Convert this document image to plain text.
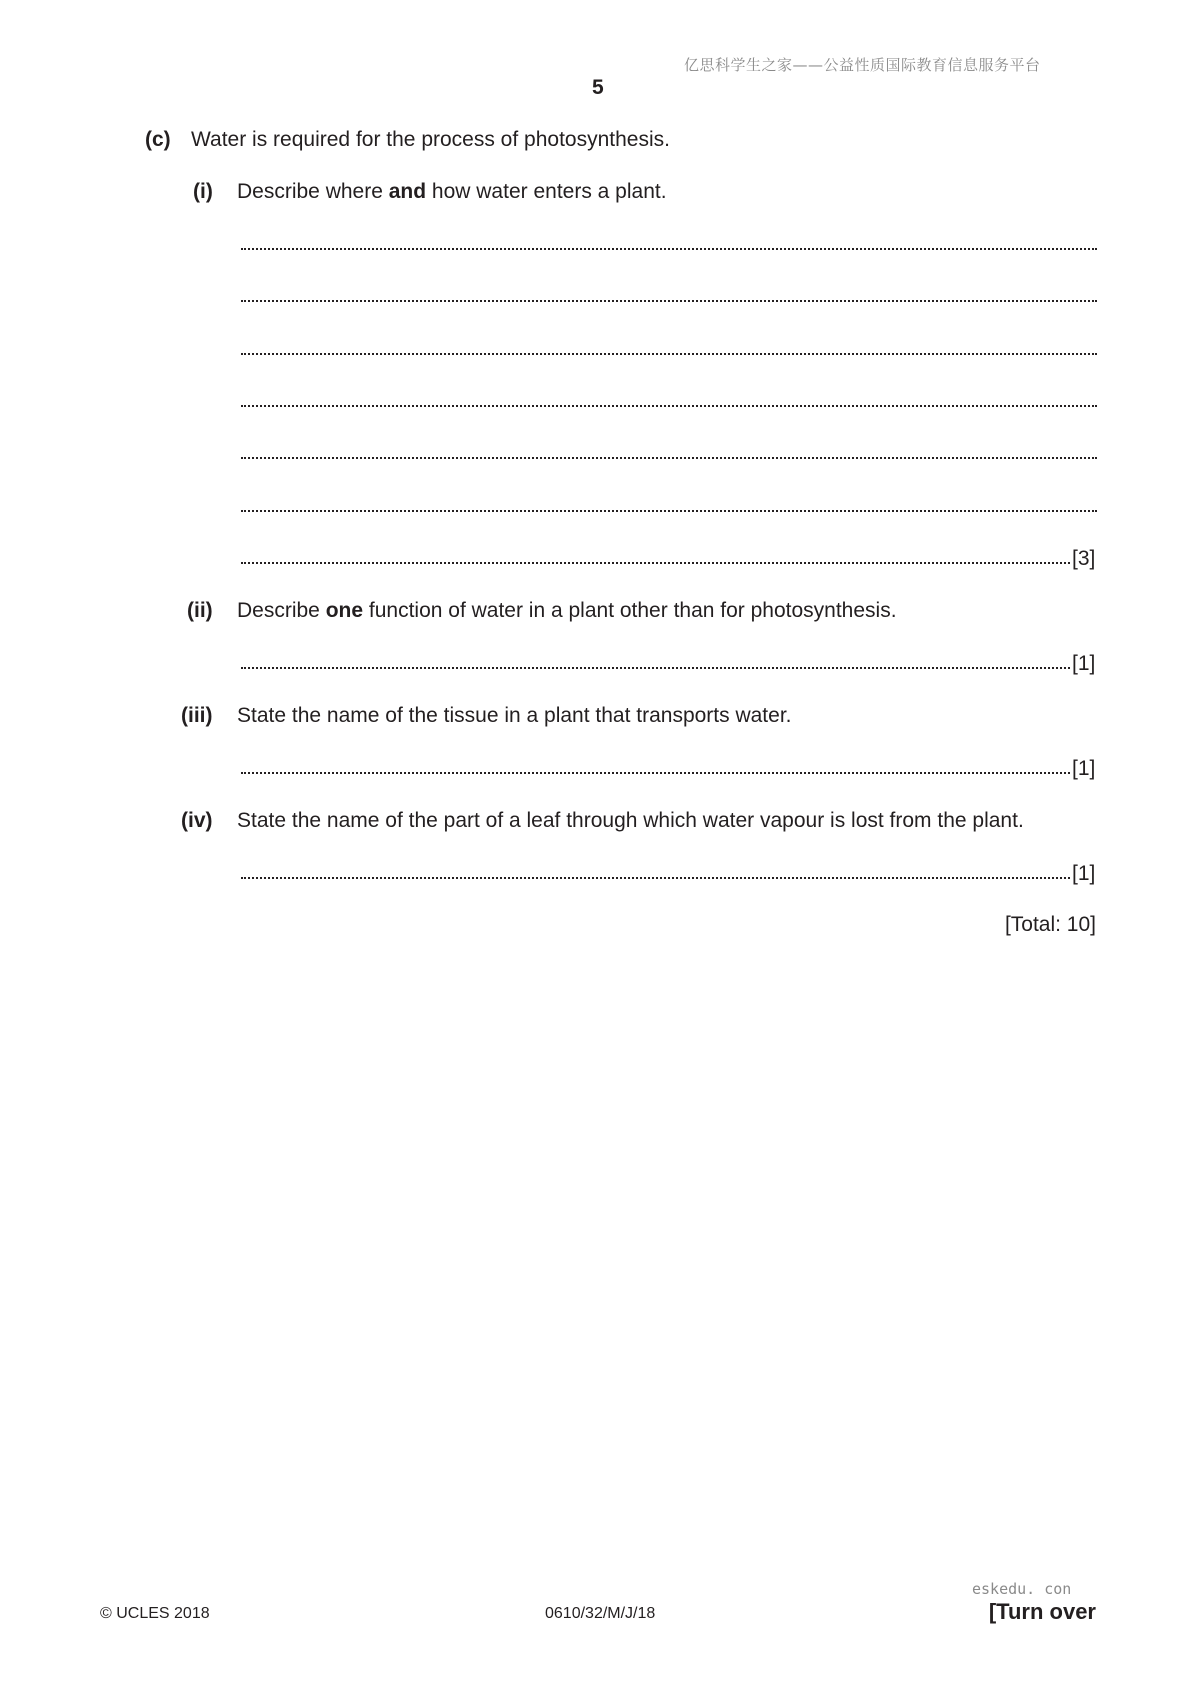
亿思科学生之家——公益性质国际教育信息服务平台
5
(c) Water is required for the process of photosynthesis.
(i) Describe where and how water enters a plant.
[3]
(ii) Describe one function of water in a plant other than for photosynthesis.
[1]
(iii) State the name of the tissue in a plant that transports water.
[1]
(iv) State the name of the part of a leaf through which water vapour is lost from the plant.
[1]
[Total: 10]
© UCLES 2018	0610/32/M/J/18
eskedu. con
[Turn over
